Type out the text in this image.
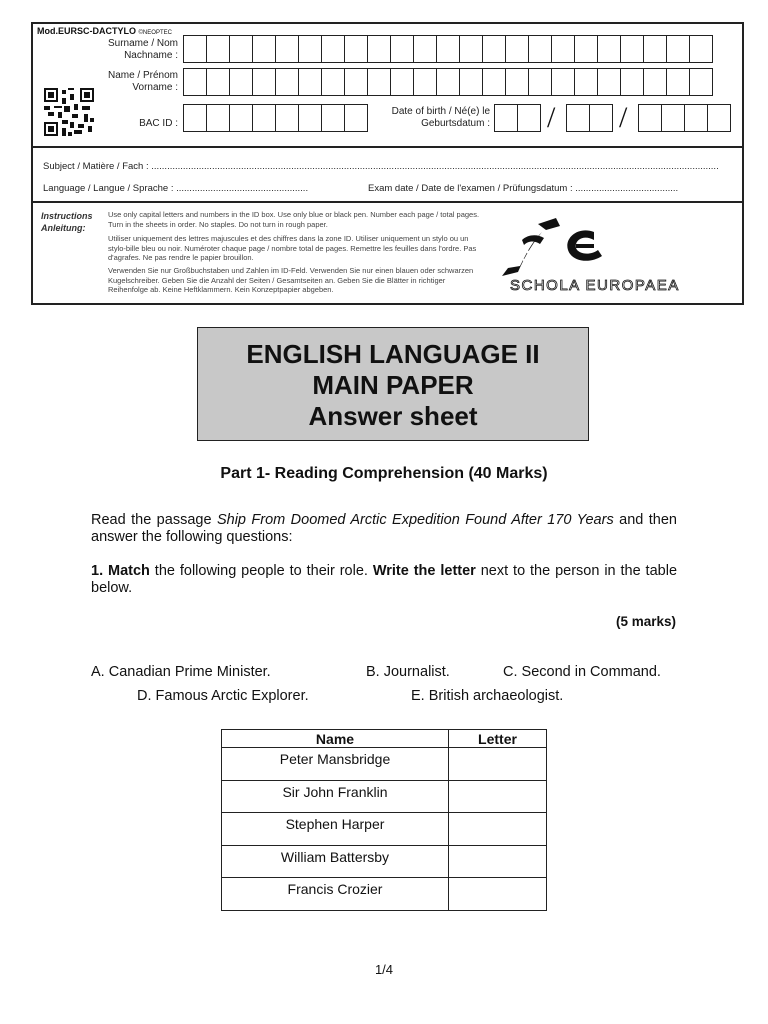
Mod.EURSC-DACTYLO ©NEOPTEC
Surname / Nom
Nachname :
Name / Prénom
Vorname :
BAC ID :
Date of birth / Né(e) le
Geburtsdatum : / /
Subject / Matière / Fach : .......................................................................................................................................................................................................................
Language / Langue / Sprache : ..................................................	Exam date / Date de l'examen / Prüfungsdatum : .......................................
Instructions
Anleitung:
Use only capital letters and numbers in the ID box. Use only blue or black pen. Number each page / total pages. Turn in the sheets in order. No staples. Do not turn in rough paper.
Utiliser uniquement des lettres majuscules et des chiffres dans la zone ID. Utiliser uniquement un stylo ou un stylo-bille bleu ou noir. Numéroter chaque page / nombre total de pages. Remettre les feuilles dans l'ordre. Pas d'agrafes. Ne pas rendre le papier brouillon.
Verwenden Sie nur Großbuchstaben und Zahlen im ID-Feld. Verwenden Sie nur einen blauen oder schwarzen Kugelschreiber. Geben Sie die Anzahl der Seiten / Gesamtseiten an. Geben Sie die Blätter in richtiger Reihenfolge ab. Keine Heftklammern. Kein Konzeptpapier abgeben.	SCHOLA EUROPAEA
ENGLISH LANGUAGE II
MAIN PAPER
Answer sheet
Part 1- Reading Comprehension (40 Marks)
Read the passage Ship From Doomed Arctic Expedition Found After 170 Years and then answer the following questions:
1. Match the following people to their role. Write the letter next to the person in the table below.
(5 marks)
A. Canadian Prime Minister.	B. Journalist.	C. Second in Command.
D. Famous Arctic Explorer.	E. British archaeologist.
Name	Letter
Peter Mansbridge	
Sir John Franklin	
Stephen Harper	
William Battersby	
Francis Crozier	
1/4
